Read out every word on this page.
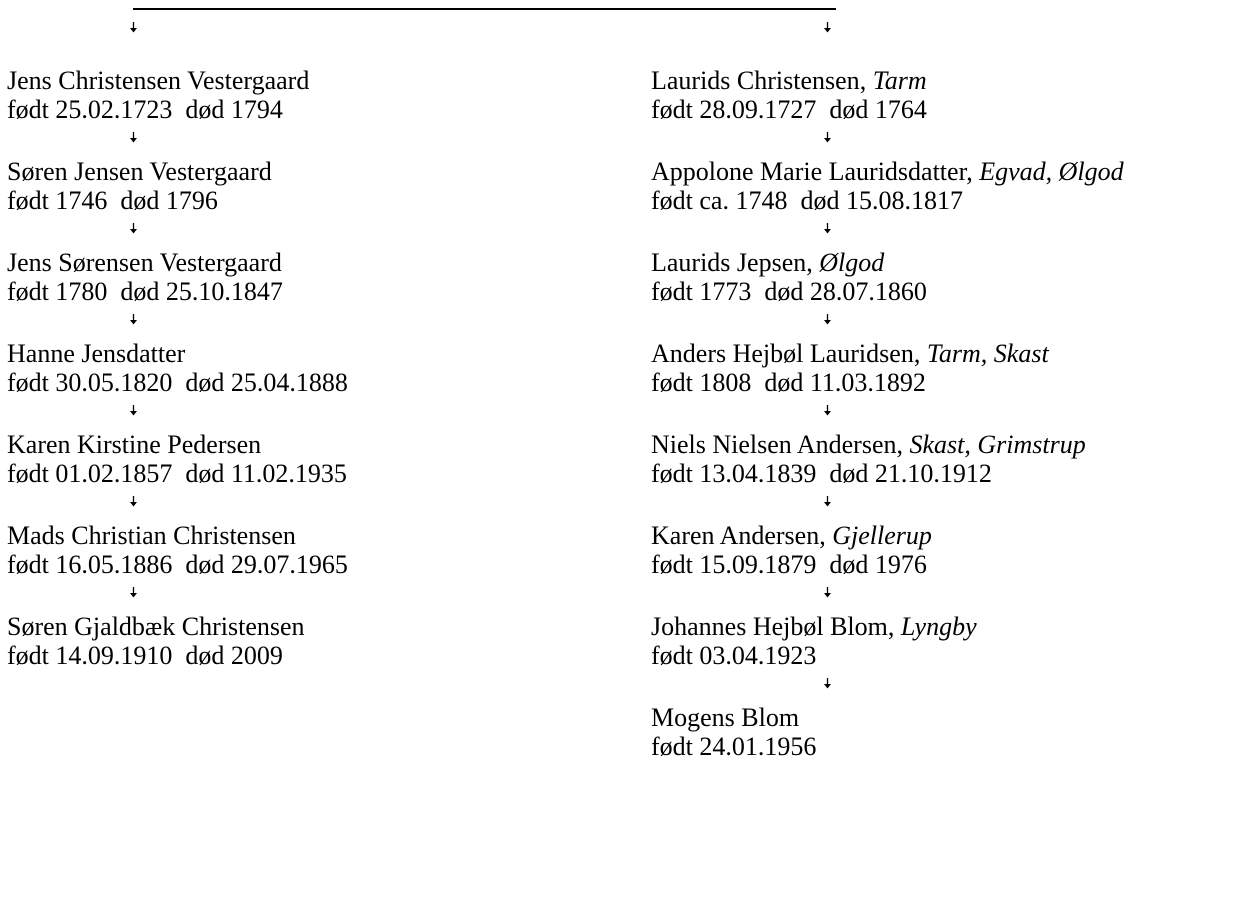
Jens Christensen Vestergaard
født 25.02.1723  død 1794
Søren Jensen Vestergaard
født 1746  død 1796
Jens Sørensen Vestergaard
født 1780  død 25.10.1847
Hanne Jensdatter
født 30.05.1820  død 25.04.1888
Karen Kirstine Pedersen
født 01.02.1857  død 11.02.1935
Mads Christian Christensen
født 16.05.1886  død 29.07.1965
Søren Gjaldbæk Christensen
født 14.09.1910  død 2009
Laurids Christensen, Tarm
født 28.09.1727  død 1764
Appolone Marie Lauridsdatter, Egvad, Ølgod
født ca. 1748  død 15.08.1817
Laurids Jepsen, Ølgod
født 1773  død 28.07.1860
Anders Hejbøl Lauridsen, Tarm, Skast
født 1808  død 11.03.1892
Niels Nielsen Andersen, Skast, Grimstrup
født 13.04.1839  død 21.10.1912
Karen Andersen, Gjellerup
født 15.09.1879  død 1976
Johannes Hejbøl Blom, Lyngby
født 03.04.1923
Mogens Blom
født 24.01.1956
